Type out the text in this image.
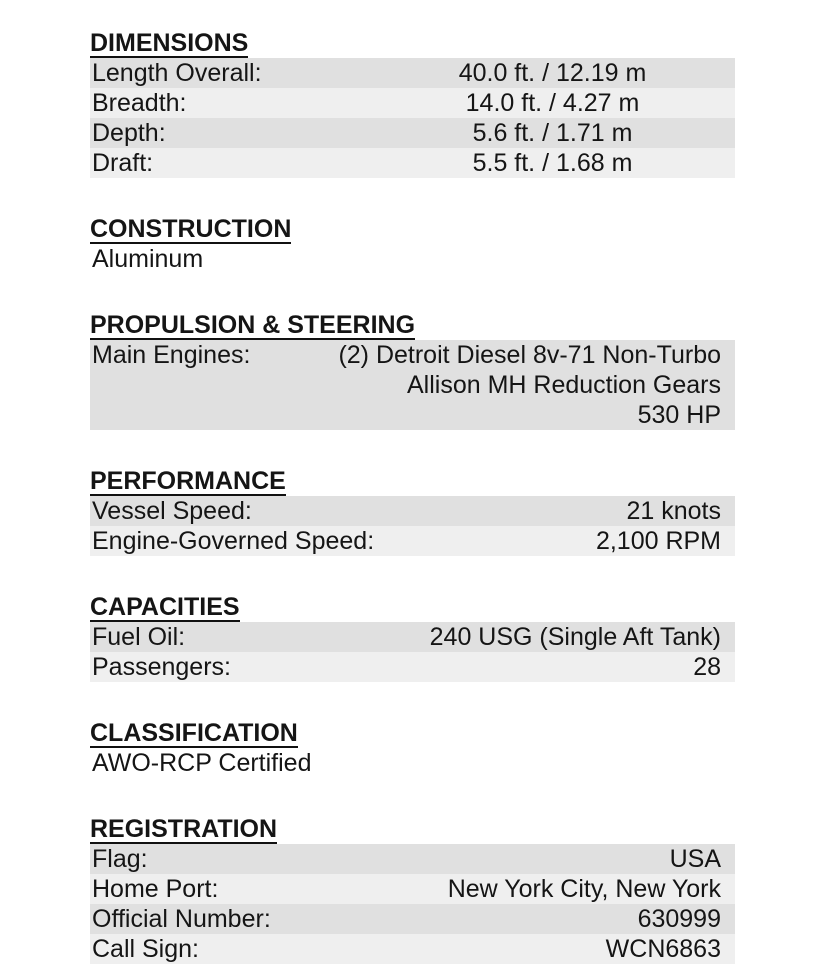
DIMENSIONS
Length Overall:	40.0 ft. / 12.19 m
Breadth:	14.0 ft. / 4.27 m
Depth:	5.6 ft. / 1.71 m
Draft:	5.5 ft. / 1.68 m
CONSTRUCTION
Aluminum
PROPULSION & STEERING
Main Engines:	(2) Detroit Diesel 8v-71 Non-Turbo
Allison MH Reduction Gears
530 HP
PERFORMANCE
Vessel Speed:	21 knots
Engine-Governed Speed:	2,100 RPM
CAPACITIES
Fuel Oil:	240 USG (Single Aft Tank)
Passengers:	28
CLASSIFICATION
AWO-RCP Certified
REGISTRATION
Flag:	USA
Home Port:	New York City, New York
Official Number:	630999
Call Sign:	WCN6863
